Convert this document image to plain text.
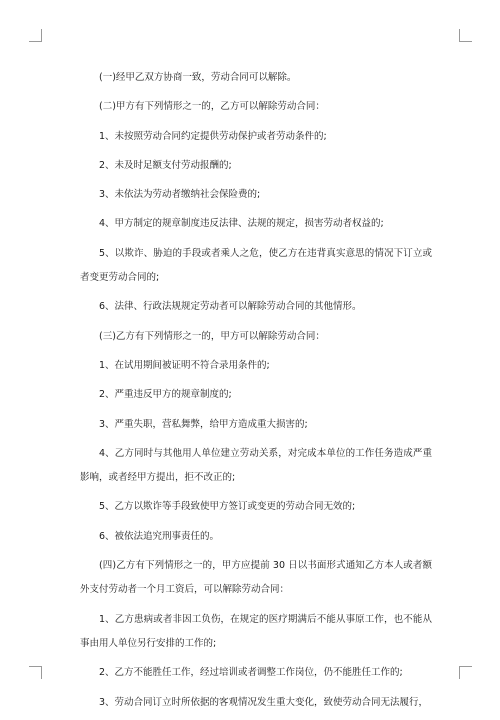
(一)经甲乙双方协商一致，劳动合同可以解除。

(二)甲方有下列情形之一的，乙方可以解除劳动合同：

1、未按照劳动合同约定提供劳动保护或者劳动条件的;

2、未及时足额支付劳动报酬的;

3、未依法为劳动者缴纳社会保险费的;

4、甲方制定的规章制度违反法律、法规的规定，损害劳动者权益的;

5、以欺诈、胁迫的手段或者乘人之危，使乙方在违背真实意思的情况下订立或者变更劳动合同的;

6、法律、行政法规规定劳动者可以解除劳动合同的其他情形。

(三)乙方有下列情形之一的，甲方可以解除劳动合同：

1、在试用期间被证明不符合录用条件的;

2、严重违反甲方的规章制度的;

3、严重失职，营私舞弊，给甲方造成重大损害的;

4、乙方同时与其他用人单位建立劳动关系，对完成本单位的工作任务造成严重影响，或者经甲方提出，拒不改正的;

5、乙方以欺诈等手段致使甲方签订或变更的劳动合同无效的;

6、被依法追究刑事责任的。

(四)乙方有下列情形之一的，甲方应提前 30 日以书面形式通知乙方本人或者额外支付劳动者一个月工资后，可以解除劳动合同：

1、乙方患病或者非因工负伤，在规定的医疗期满后不能从事原工作，也不能从事由用人单位另行安排的工作的;

2、乙方不能胜任工作，经过培训或者调整工作岗位，仍不能胜任工作的;

3、劳动合同订立时所依据的客观情况发生重大变化，致使劳动合同无法履行，
